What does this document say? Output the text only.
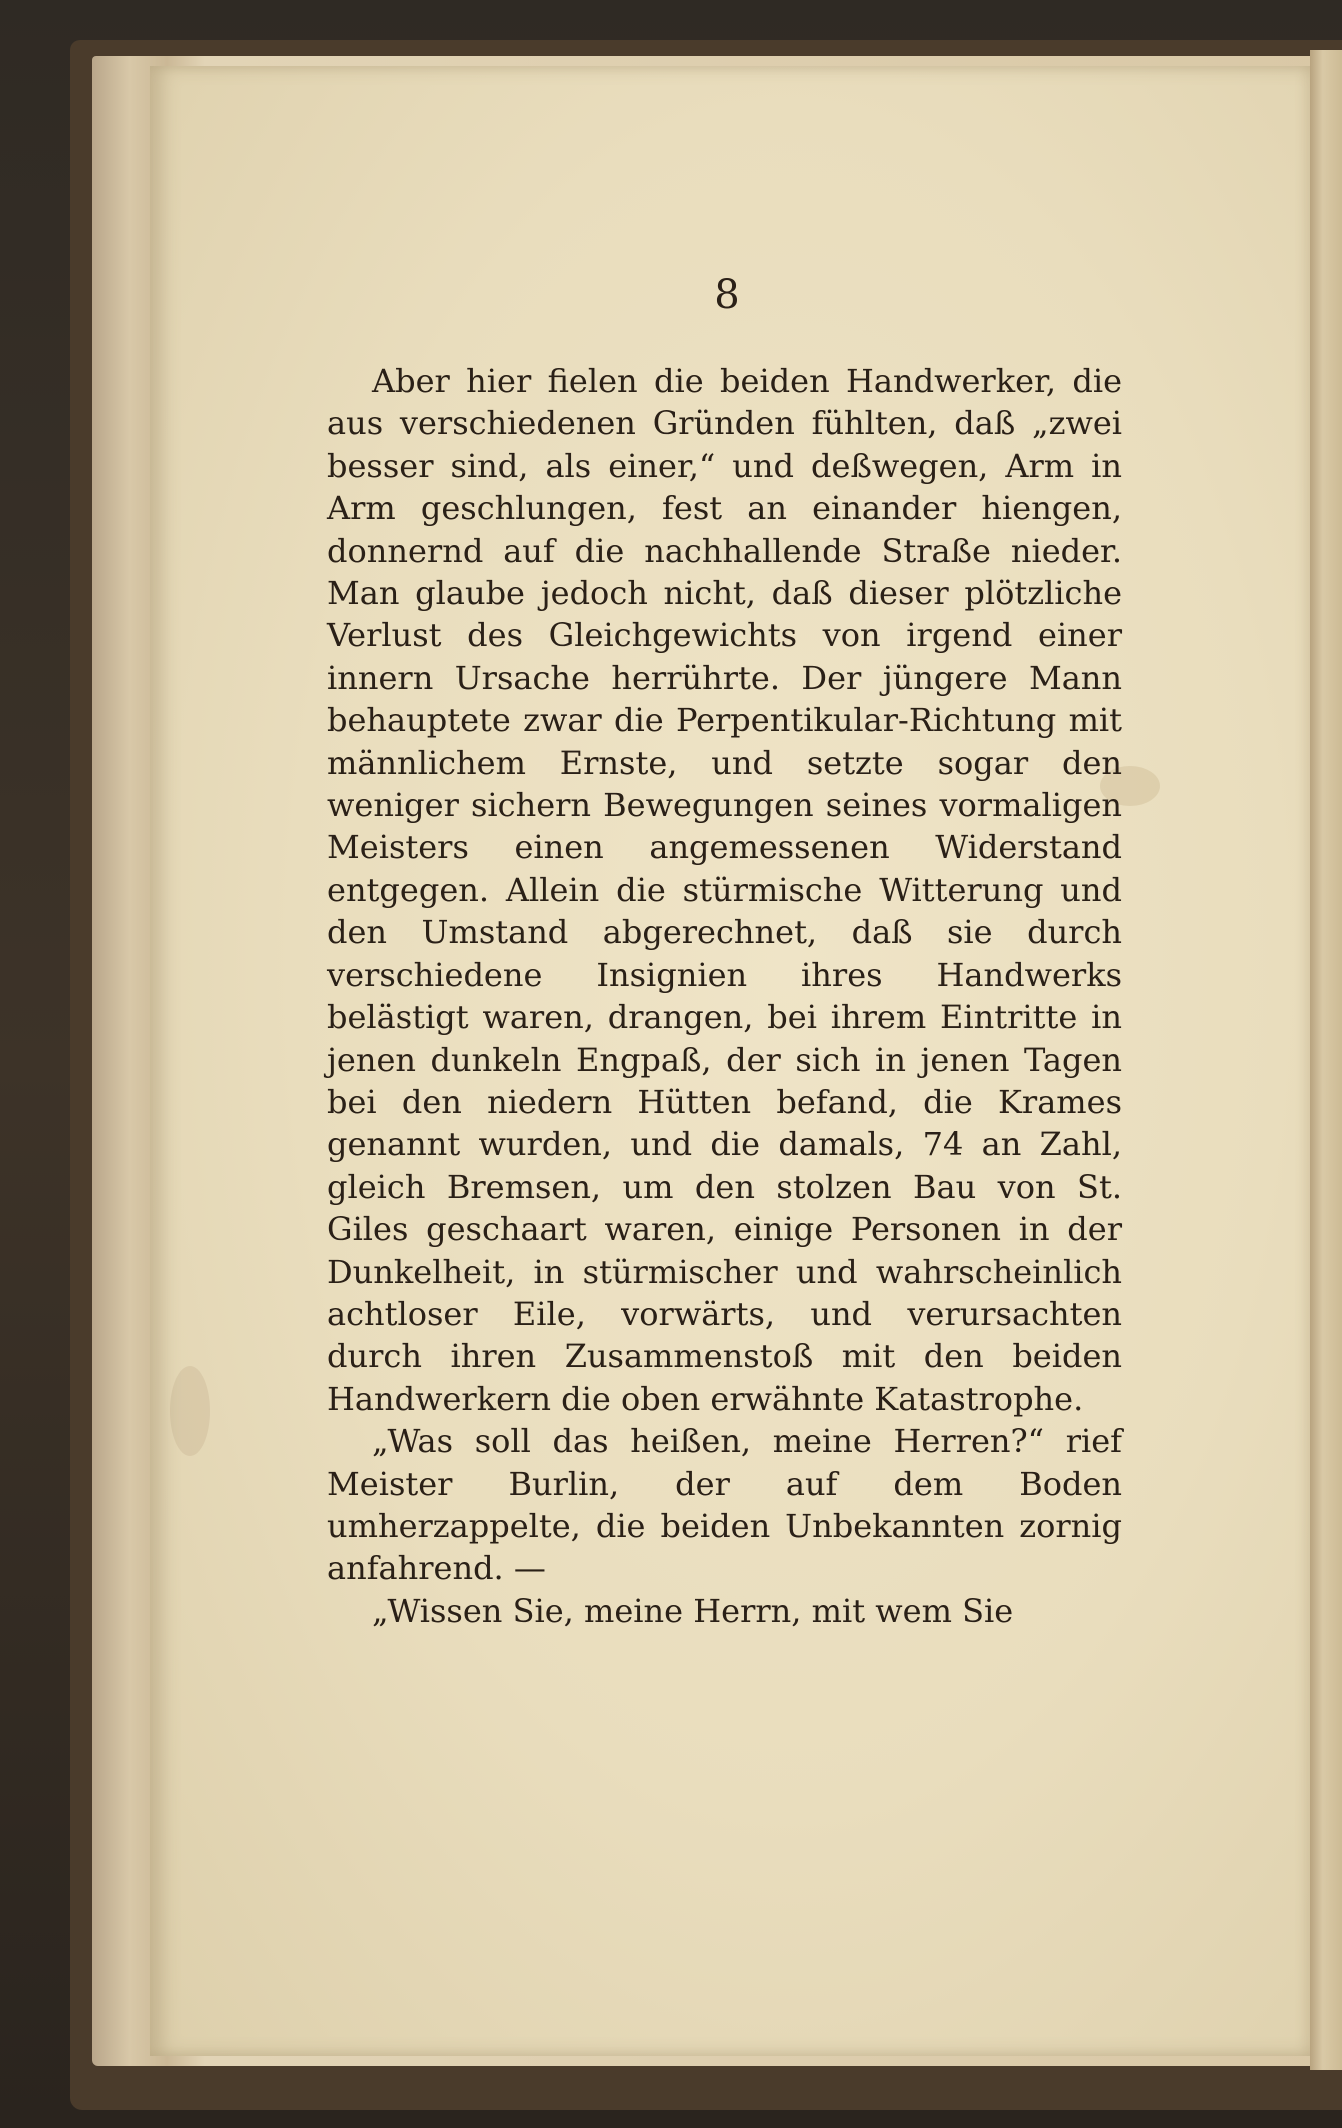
8

Aber hier fielen die beiden Handwerker, die aus verschiedenen Gründen fühlten, daß „zwei besser sind, als einer,“ und deßwegen, Arm in Arm geschlungen, fest an einander hiengen, donnernd auf die nachhallende Straße nieder. Man glaube jedoch nicht, daß dieser plötzliche Verlust des Gleichgewichts von irgend einer innern Ursache herrührte. Der jüngere Mann behauptete zwar die Perpentikular-Richtung mit männlichem Ernste, und setzte sogar den weniger sichern Bewegungen seines vormaligen Meisters einen angemessenen Widerstand entgegen. Allein die stürmische Witterung und den Umstand abgerechnet, daß sie durch verschiedene Insignien ihres Handwerks belästigt waren, drangen, bei ihrem Eintritte in jenen dunkeln Engpaß, der sich in jenen Tagen bei den niedern Hütten befand, die Krames genannt wurden, und die damals, 74 an Zahl, gleich Bremsen, um den stolzen Bau von St. Giles geschaart waren, einige Personen in der Dunkelheit, in stürmischer und wahrscheinlich achtloser Eile, vorwärts, und verursachten durch ihren Zusammenstoß mit den beiden Handwerkern die oben erwähnte Katastrophe.

„Was soll das heißen, meine Herren?“ rief Meister Burlin, der auf dem Boden umherzappelte, die beiden Unbekannten zornig anfahrend. —

„Wissen Sie, meine Herrn, mit wem Sie
